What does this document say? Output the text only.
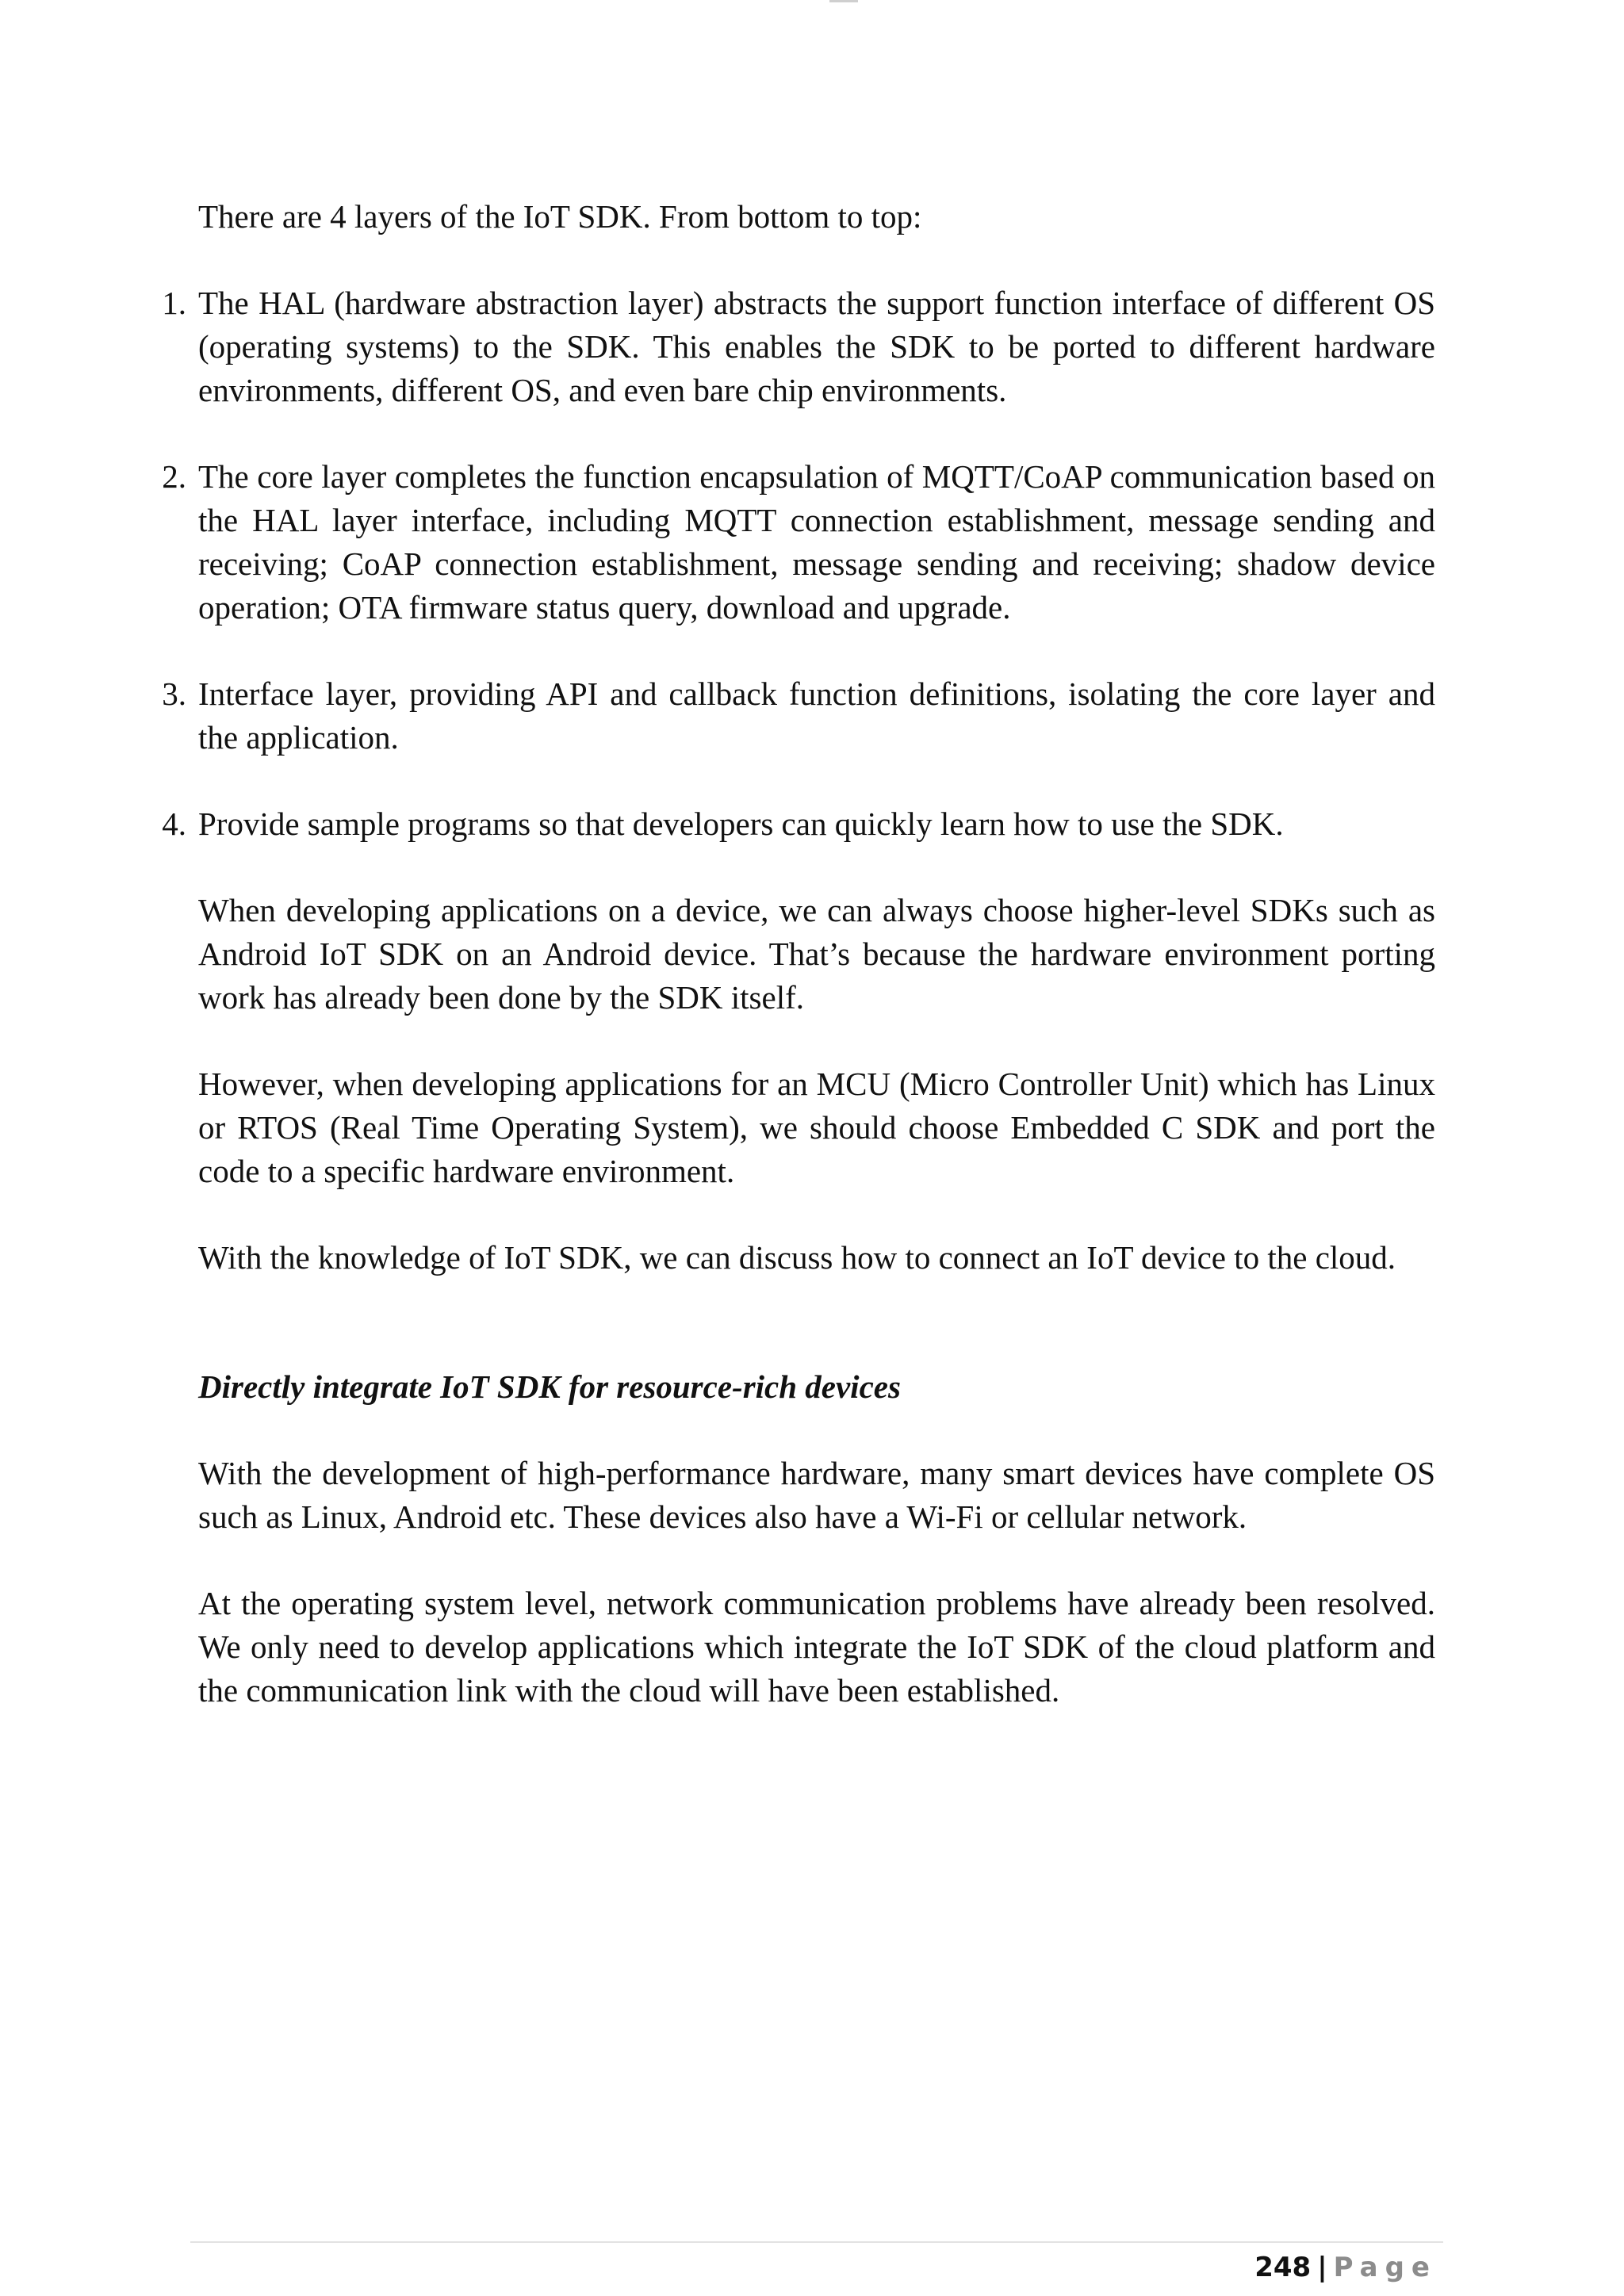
There are 4 layers of the IoT SDK. From bottom to top:

1. The HAL (hardware abstraction layer) abstracts the support function interface of different OS (operating systems) to the SDK. This enables the SDK to be ported to different hardware environments, different OS, and even bare chip environments.
2. The core layer completes the function encapsulation of MQTT/CoAP communication based on the HAL layer interface, including MQTT connection establishment, message sending and receiving; CoAP connection establishment, message sending and receiving; shadow device operation; OTA firmware status query, download and upgrade.
3. Interface layer, providing API and callback function definitions, isolating the core layer and the application.
4. Provide sample programs so that developers can quickly learn how to use the SDK.

When developing applications on a device, we can always choose higher-level SDKs such as Android IoT SDK on an Android device. That’s because the hardware environment porting work has already been done by the SDK itself.

However, when developing applications for an MCU (Micro Controller Unit) which has Linux or RTOS (Real Time Operating System), we should choose Embedded C SDK and port the code to a specific hardware environment.

With the knowledge of IoT SDK, we can discuss how to connect an IoT device to the cloud.

Directly integrate IoT SDK for resource-rich devices

With the development of high-performance hardware, many smart devices have complete OS such as Linux, Android etc. These devices also have a Wi-Fi or cellular network.

At the operating system level, network communication problems have already been resolved. We only need to develop applications which integrate the IoT SDK of the cloud platform and the communication link with the cloud will have been established.

248 | Page
